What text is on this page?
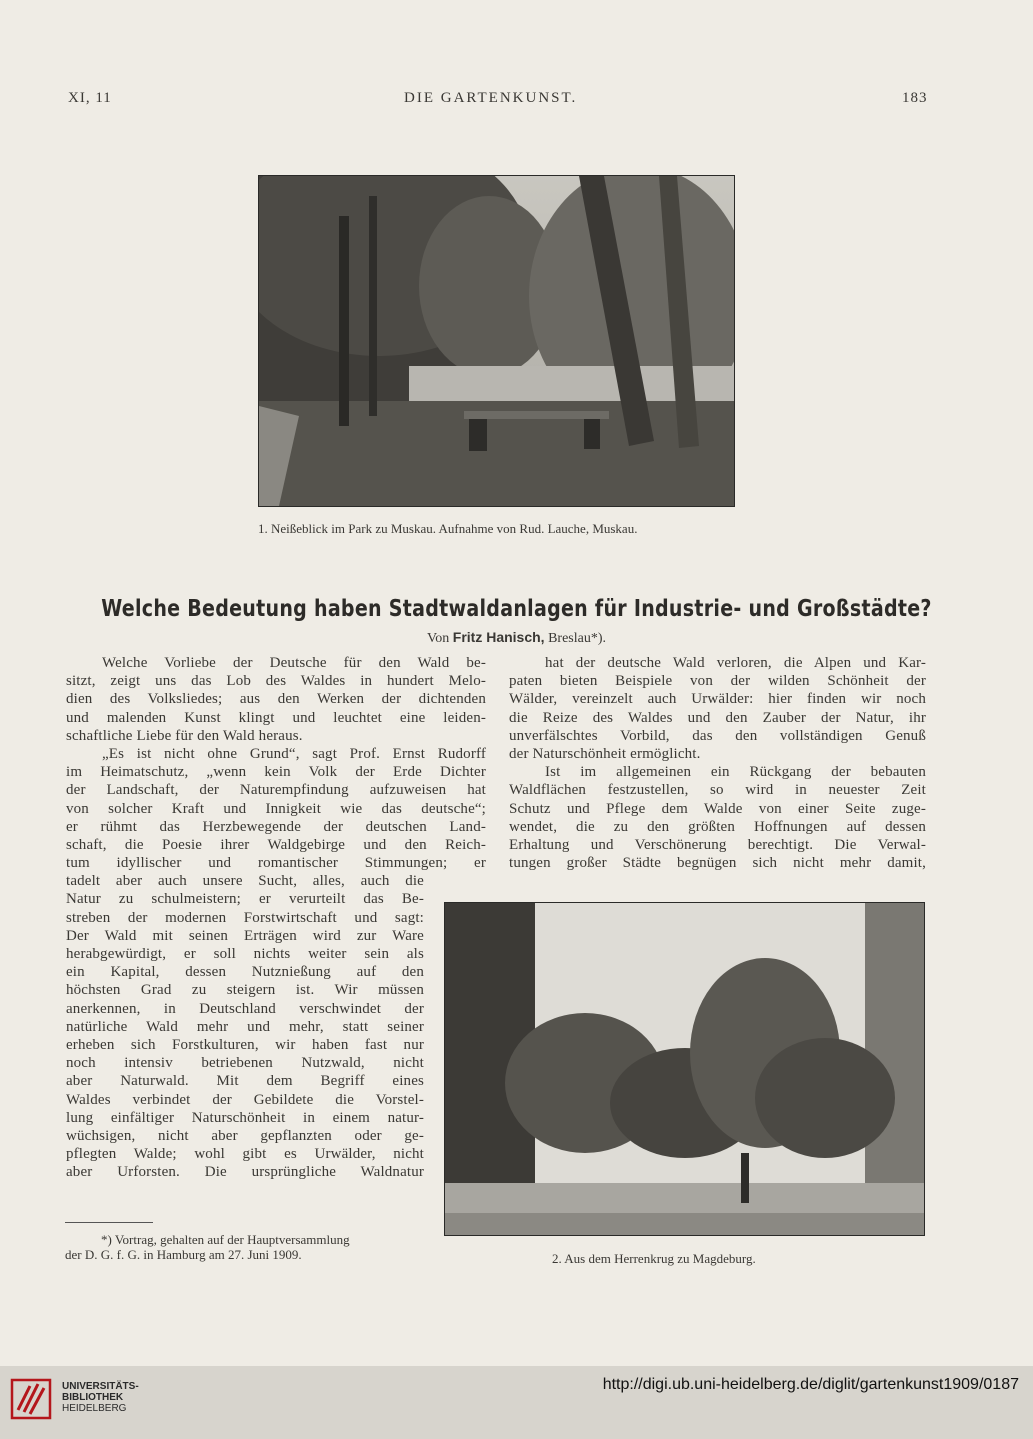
XI, 11	DIE GARTENKUNST.	183
1. Neißeblick im Park zu Muskau. Aufnahme von Rud. Lauche, Muskau.
Welche Bedeutung haben Stadtwaldanlagen für Industrie- und Großstädte?
Von Fritz Hanisch, Breslau*).
Welche Vorliebe der Deutsche für den Wald be-
sitzt, zeigt uns das Lob des Waldes in hundert Melo-
dien des Volksliedes; aus den Werken der dichtenden
und malenden Kunst klingt und leuchtet eine leiden-
schaftliche Liebe für den Wald heraus.
„Es ist nicht ohne Grund“, sagt Prof. Ernst Rudorff
im Heimatschutz, „wenn kein Volk der Erde Dichter
der Landschaft, der Naturempfindung aufzuweisen hat
von solcher Kraft und Innigkeit wie das deutsche“;
er rühmt das Herzbewegende der deutschen Land-
schaft, die Poesie ihrer Waldgebirge und den Reich-
tum idyllischer und romantischer Stimmungen; er
tadelt aber auch unsere Sucht, alles, auch die
Natur zu schulmeistern; er verurteilt das Be-
streben der modernen Forstwirtschaft und sagt:
Der Wald mit seinen Erträgen wird zur Ware
herabgewürdigt, er soll nichts weiter sein als
ein Kapital, dessen Nutznießung auf den
höchsten Grad zu steigern ist. Wir müssen
anerkennen, in Deutschland verschwindet der
natürliche Wald mehr und mehr, statt seiner
erheben sich Forstkulturen, wir haben fast nur
noch intensiv betriebenen Nutzwald, nicht
aber Naturwald. Mit dem Begriff eines
Waldes verbindet der Gebildete die Vorstel-
lung einfältiger Naturschönheit in einem natur-
wüchsigen, nicht aber gepflanzten oder ge-
pflegten Walde; wohl gibt es Urwälder, nicht
aber Urforsten. Die ursprüngliche Waldnatur
hat der deutsche Wald verloren, die Alpen und Kar-
paten bieten Beispiele von der wilden Schönheit der
Wälder, vereinzelt auch Urwälder: hier finden wir noch
die Reize des Waldes und den Zauber der Natur, ihr
unverfälschtes Vorbild, das den vollständigen Genuß
der Naturschönheit ermöglicht.
Ist im allgemeinen ein Rückgang der bebauten
Waldflächen festzustellen, so wird in neuester Zeit
Schutz und Pflege dem Walde von einer Seite zuge-
wendet, die zu den größten Hoffnungen auf dessen
Erhaltung und Verschönerung berechtigt. Die Verwal-
tungen großer Städte begnügen sich nicht mehr damit,
2. Aus dem Herrenkrug zu Magdeburg.
*) Vortrag, gehalten auf der Hauptversammlung
der D. G. f. G. in Hamburg am 27. Juni 1909.
UNIVERSITÄTS-
BIBLIOTHEK
HEIDELBERG
http://digi.ub.uni-heidelberg.de/diglit/gartenkunst1909/0187
